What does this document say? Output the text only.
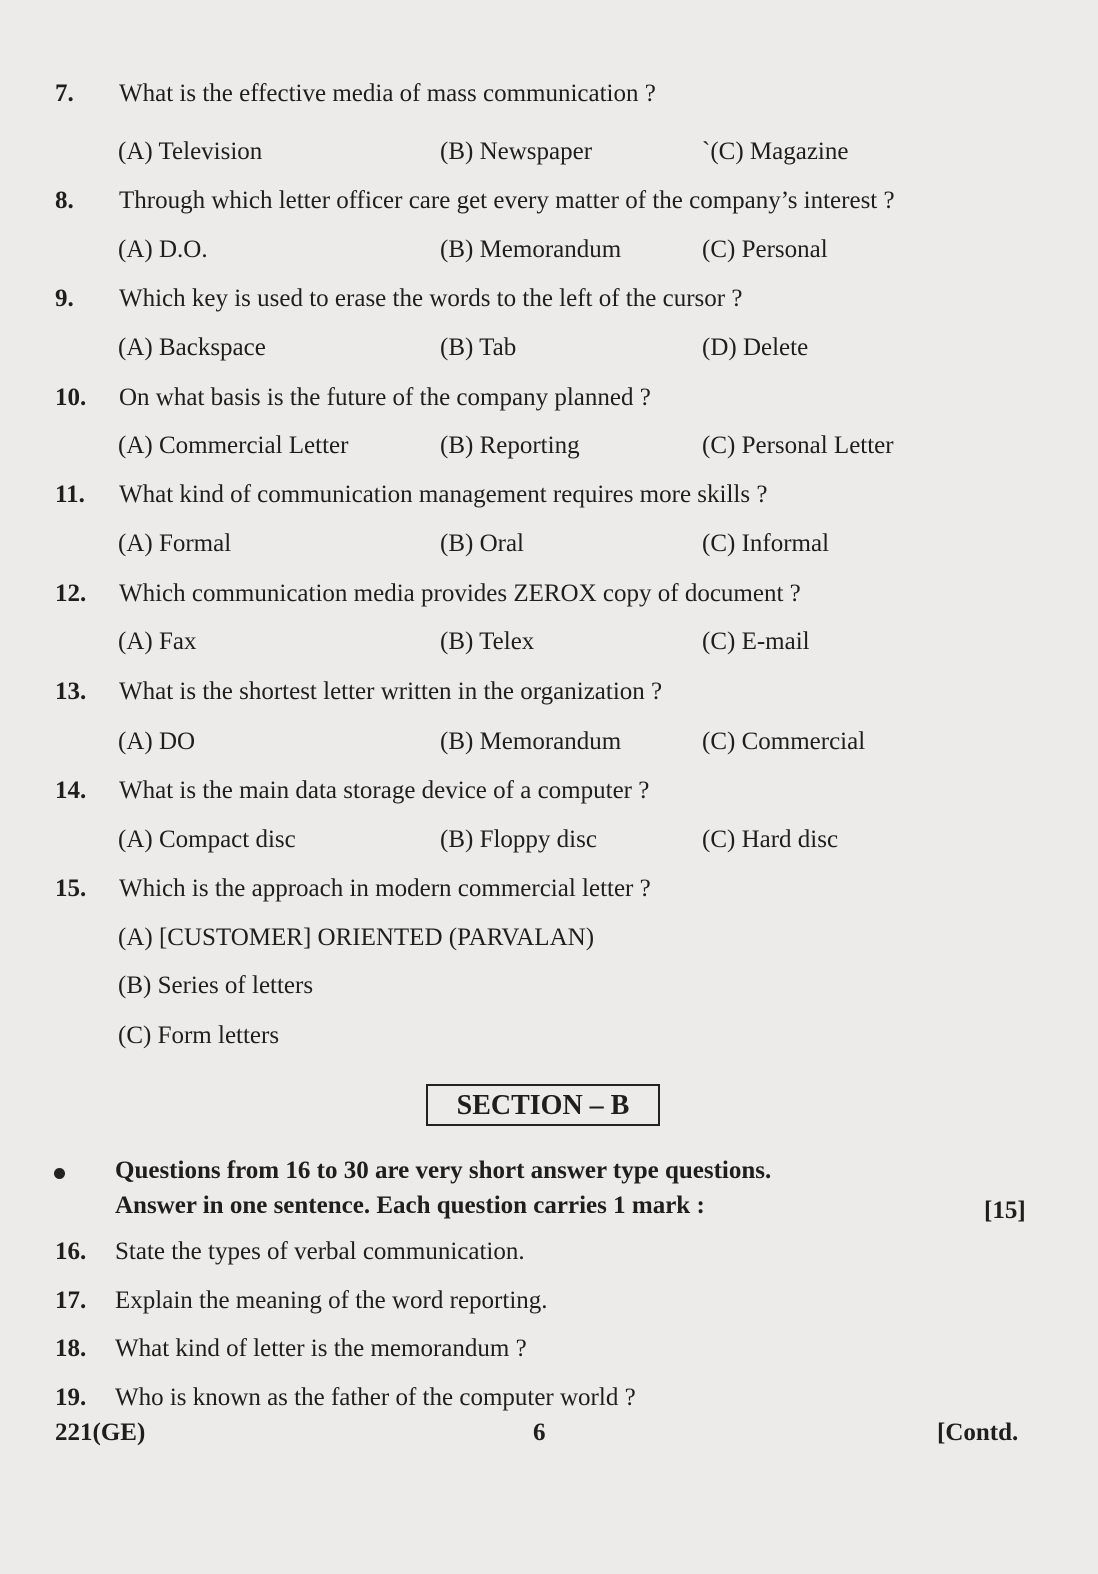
7. What is the effective media of mass communication ?
(A) Television	(B) Newspaper	`(C) Magazine
8. Through which letter officer care get every matter of the company’s interest ?
(A) D.O.	(B) Memorandum	(C) Personal
9. Which key is used to erase the words to the left of the cursor ?
(A) Backspace	(B) Tab	(D) Delete
10. On what basis is the future of the company planned ?
(A) Commercial Letter	(B) Reporting	(C) Personal Letter
11. What kind of communication management requires more skills ?
(A) Formal	(B) Oral	(C) Informal
12. Which communication media provides ZEROX copy of document ?
(A) Fax	(B) Telex	(C) E-mail
13. What is the shortest letter written in the organization ?
(A) DO	(B) Memorandum	(C) Commercial
14. What is the main data storage device of a computer ?
(A) Compact disc	(B) Floppy disc	(C) Hard disc
15. Which is the approach in modern commercial letter ?
(A) [CUSTOMER] ORIENTED (PARVALAN)
(B) Series of letters
(C) Form letters
SECTION – B
Questions from 16 to 30 are very short answer type questions.
Answer in one sentence. Each question carries 1 mark :	[15]
16. State the types of verbal communication.
17. Explain the meaning of the word reporting.
18. What kind of letter is the memorandum ?
19. Who is known as the father of the computer world ?
221(GE)	6	[Contd.
